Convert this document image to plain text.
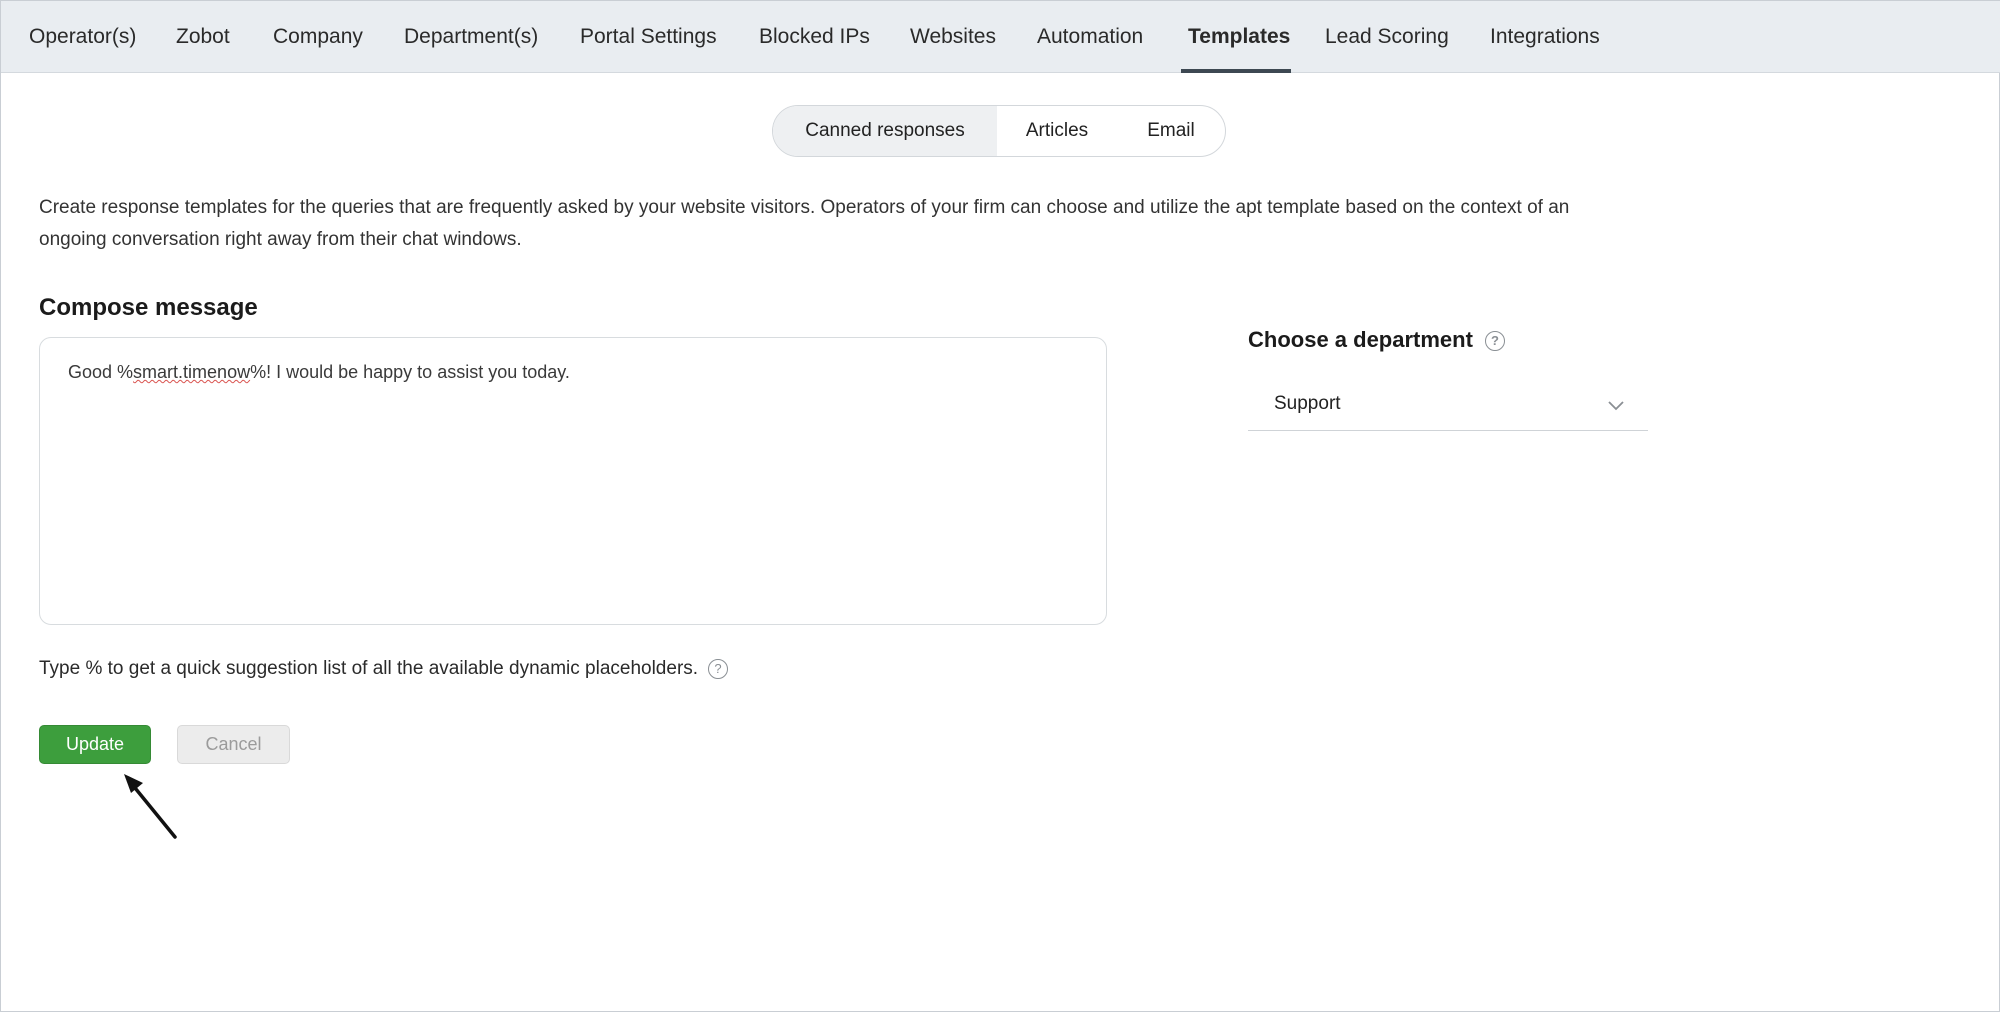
Operator(s) Zobot Company Department(s) Portal Settings Blocked IPs Websites Automation Templates Lead Scoring Integrations
Canned responses	Articles	Email
Create response templates for the queries that are frequently asked by your website visitors. Operators of your firm can choose and utilize the apt template based on the context of an ongoing conversation right away from their chat windows.
Compose message
Good %smart.timenow%! I would be happy to assist you today.
Type % to get a quick suggestion list of all the available dynamic placeholders. ?
Update	Cancel
Choose a department ?
Support
